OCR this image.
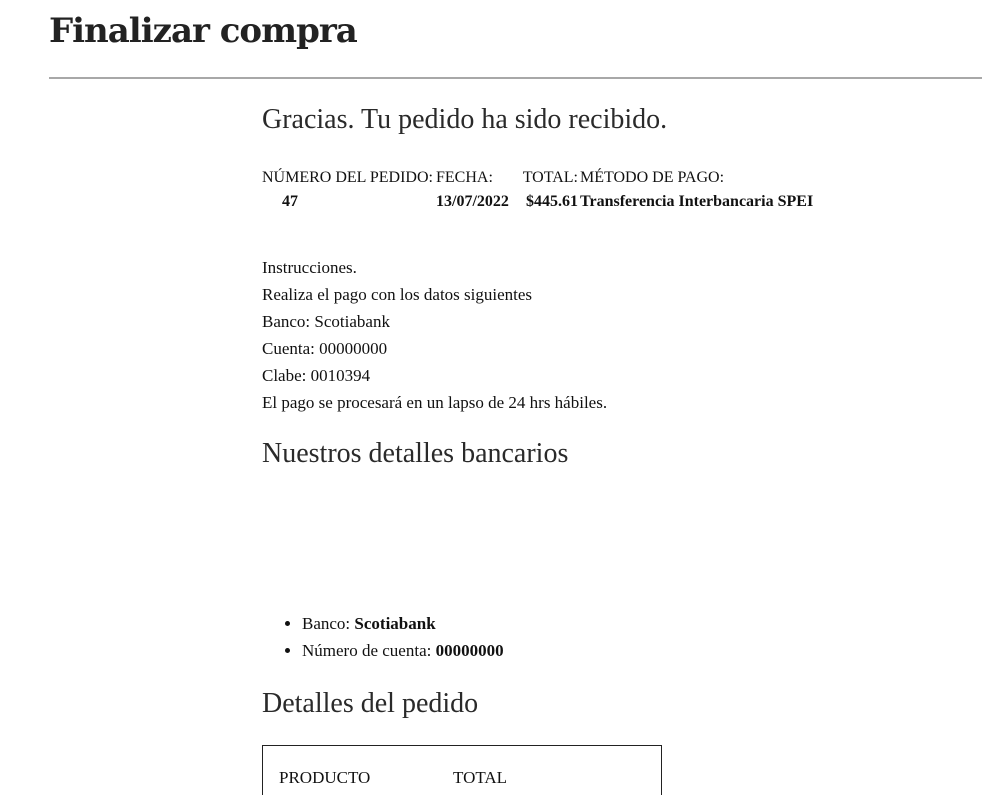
Finalizar compra

Gracias. Tu pedido ha sido recibido.

NÚMERO DEL PEDIDO:
47
FECHA:
13/07/2022
TOTAL:
$445.61
MÉTODO DE PAGO:
Transferencia Interbancaria SPEI

Instrucciones.

Realiza el pago con los datos siguientes

Banco: Scotiabank

Cuenta: 00000000

Clabe: 0010394

El pago se procesará en un lapso de 24 hrs hábiles.

Nuestros detalles bancarios
• Banco: Scotiabank
• Número de cuenta: 00000000
Detalles del pedido
PRODUCTO	TOTAL
